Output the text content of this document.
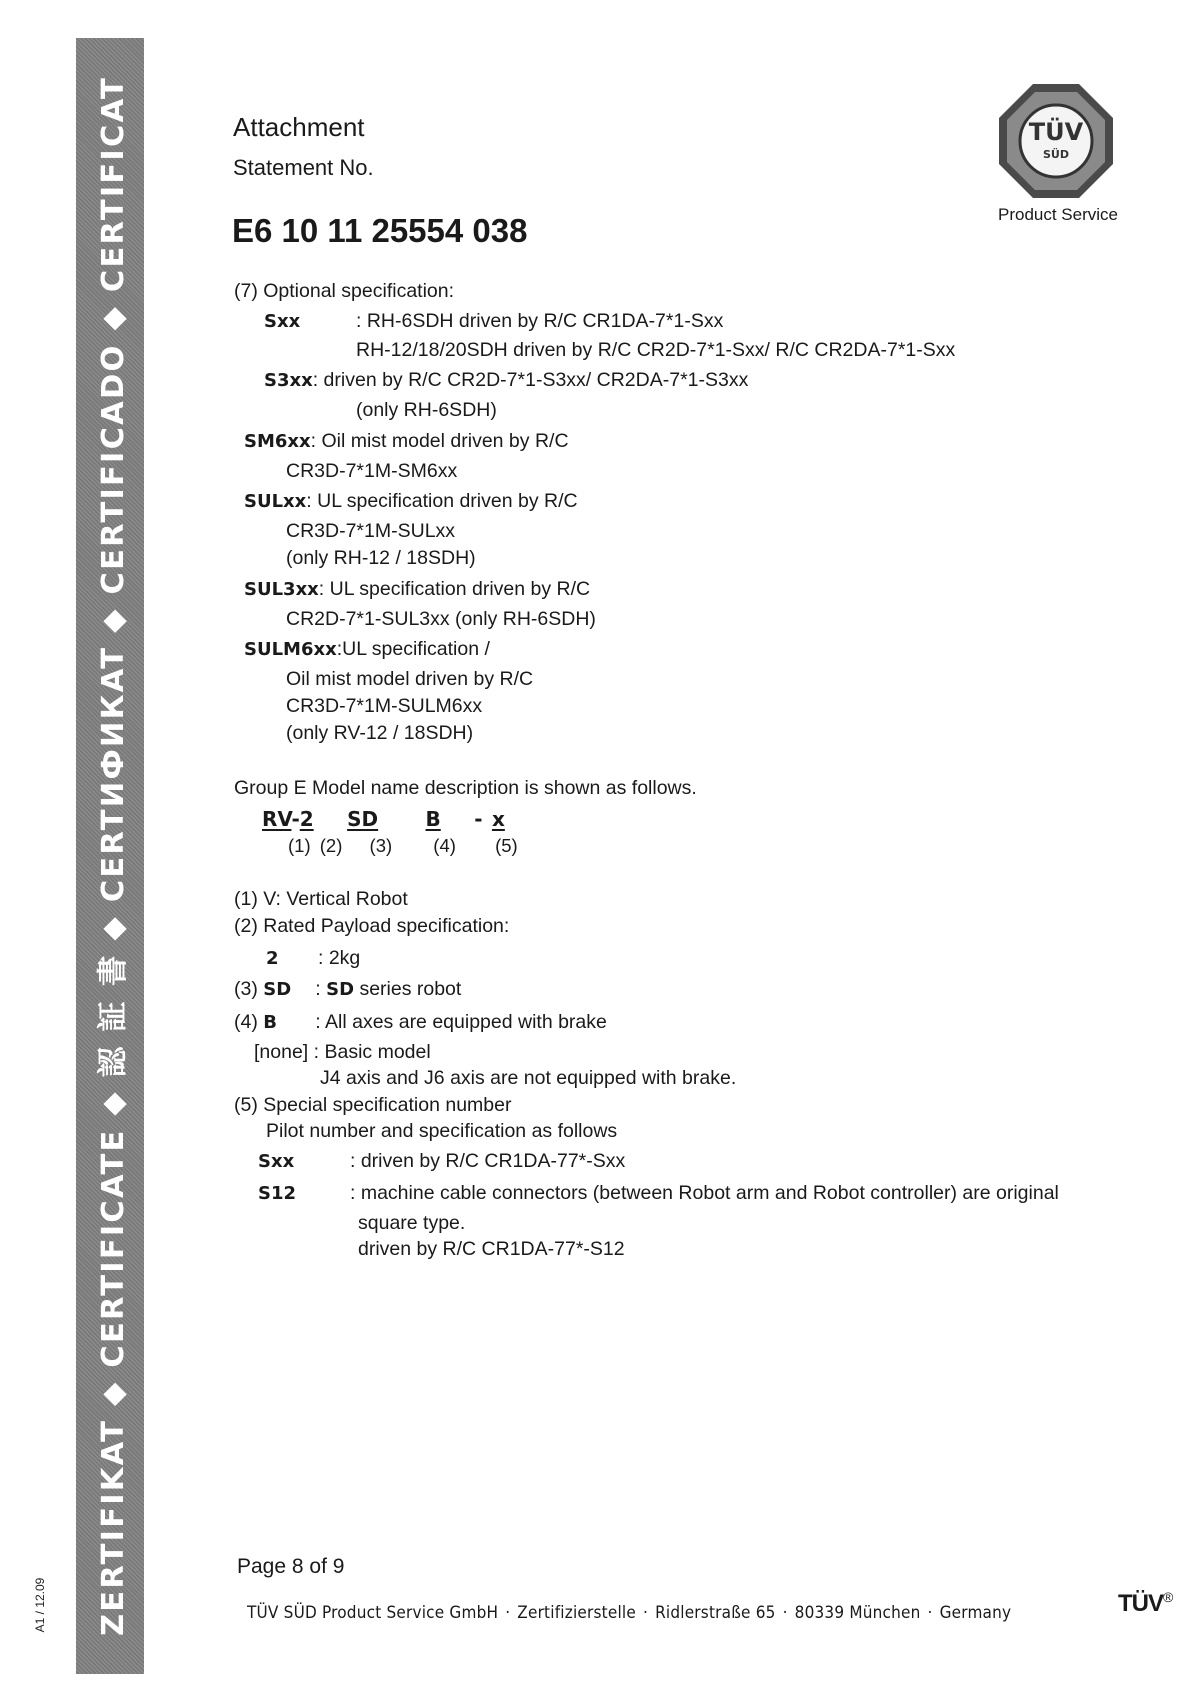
ZERTIFIKAT ◆ CERTIFICATE ◆ 認 証 書 ◆ CERTИФИКAT ◆ CERTIFICADO ◆ CERTIFICAT
A1 / 12.09
Attachment
Statement No.
E6 10 11 25554 038
TÜV
SÜD
Product Service
(7) Optional specification:
Sxx	: RH-6SDH driven by R/C CR1DA-7*1-Sxx
RH-12/18/20SDH driven by R/C CR2D-7*1-Sxx/ R/C CR2DA-7*1-Sxx
S3xx: driven by R/C CR2D-7*1-S3xx/ CR2DA-7*1-S3xx
(only RH-6SDH)
SM6xx: Oil mist model driven by R/C
CR3D-7*1M-SM6xx
SULxx: UL specification driven by R/C
CR3D-7*1M-SULxx
(only RH-12 / 18SDH)
SUL3xx: UL specification driven by R/C
CR2D-7*1-SUL3xx (only RH-6SDH)
SULM6xx:UL specification /
Oil mist model driven by R/C
CR3D-7*1M-SULM6xx
(only RV-12 / 18SDH)
Group E Model name description is shown as follows.
RV-2 SD B - x
(1) (2) (3) (4) (5)
(1) V: Vertical Robot
(2) Rated Payload specification:
2 : 2kg
(3) SD : SD series robot
(4) B : All axes are equipped with brake
[none] : Basic model
J4 axis and J6 axis are not equipped with brake.
(5) Special specification number
Pilot number and specification as follows
Sxx	: driven by R/C CR1DA-77*-Sxx
S12	: machine cable connectors (between Robot arm and Robot controller) are original
square type.
driven by R/C CR1DA-77*-S12
Page 8 of 9
TÜV SÜD Product Service GmbH · Zertifizierstelle · Ridlerstraße 65 · 80339 München · Germany	TÜV®
